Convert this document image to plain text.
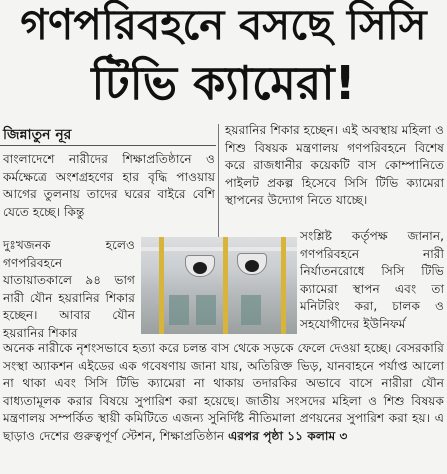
গণপরিবহনে বসছে সিসি
টিভি ক্যামেরা!
জিন্নাতুন নূর	হয়রানির শিকার হচ্ছেন। এই অবস্থায় মহিলা ও শিশু বিষয়ক মন্ত্রণালয় গণপরিবহনে বিশেষ করে রাজধানীর কয়েকটি বাস কোম্পানিতে পাইলট প্রকল্প হিসেবে সিসি টিভি ক্যামেরা স্থাপনের উদ্যোগ নিতে যাচ্ছে।

বাংলাদেশে নারীদের শিক্ষাপ্রতিষ্ঠানে ও কর্মক্ষেত্রে অংশগ্রহণের হার বৃদ্ধি পাওয়ায় আগের তুলনায় তাদের ঘরের বাইরে বেশি যেতে হচ্ছে। কিন্তু

দুঃখজনক হলেও গণপরিবহনে যাতায়াতকালে ৯৪ ভাগ নারী যৌন হয়রানির শিকার হচ্ছেন। আবার যৌন হয়রানির শিকার

সংশ্লিষ্ট কর্তৃপক্ষ জানান, গণপরিবহনে নারী নির্যাতনরোধে সিসি টিভি ক্যামেরা স্থাপন এবং তা মনিটরিং করা, চালক ও সহযোগীদের ইউনিফর্ম

অনেক নারীকে নৃশংসভাবে হত্যা করে চলন্ত বাস থেকে সড়কে ফেলে দেওয়া হচ্ছে। বেসরকারি সংস্থা অ্যাকশন এইডের এক গবেষণায় জানা যায়, অতিরিক্ত ভিড়, যানবাহনে পর্যাপ্ত আলো না থাকা এবং সিসি টিভি ক্যামেরা না থাকায় তদারকির অভাবে বাসে নারীরা যৌন বাধ্যতামূলক করার বিষয়ে সুপারিশ করা হয়েছে। জাতীয় সংসদের মহিলা ও শিশু বিষয়ক মন্ত্রণালয় সম্পর্কিত স্থায়ী কমিটিতে এজন্য সুনির্দিষ্ট নীতিমালা প্রণয়নের সুপারিশ করা হয়। এ ছাড়াও দেশের গুরুত্বপূর্ণ স্টেশন, শিক্ষাপ্রতিষ্ঠান এরপর পৃষ্ঠা ১১ কলাম ৩
